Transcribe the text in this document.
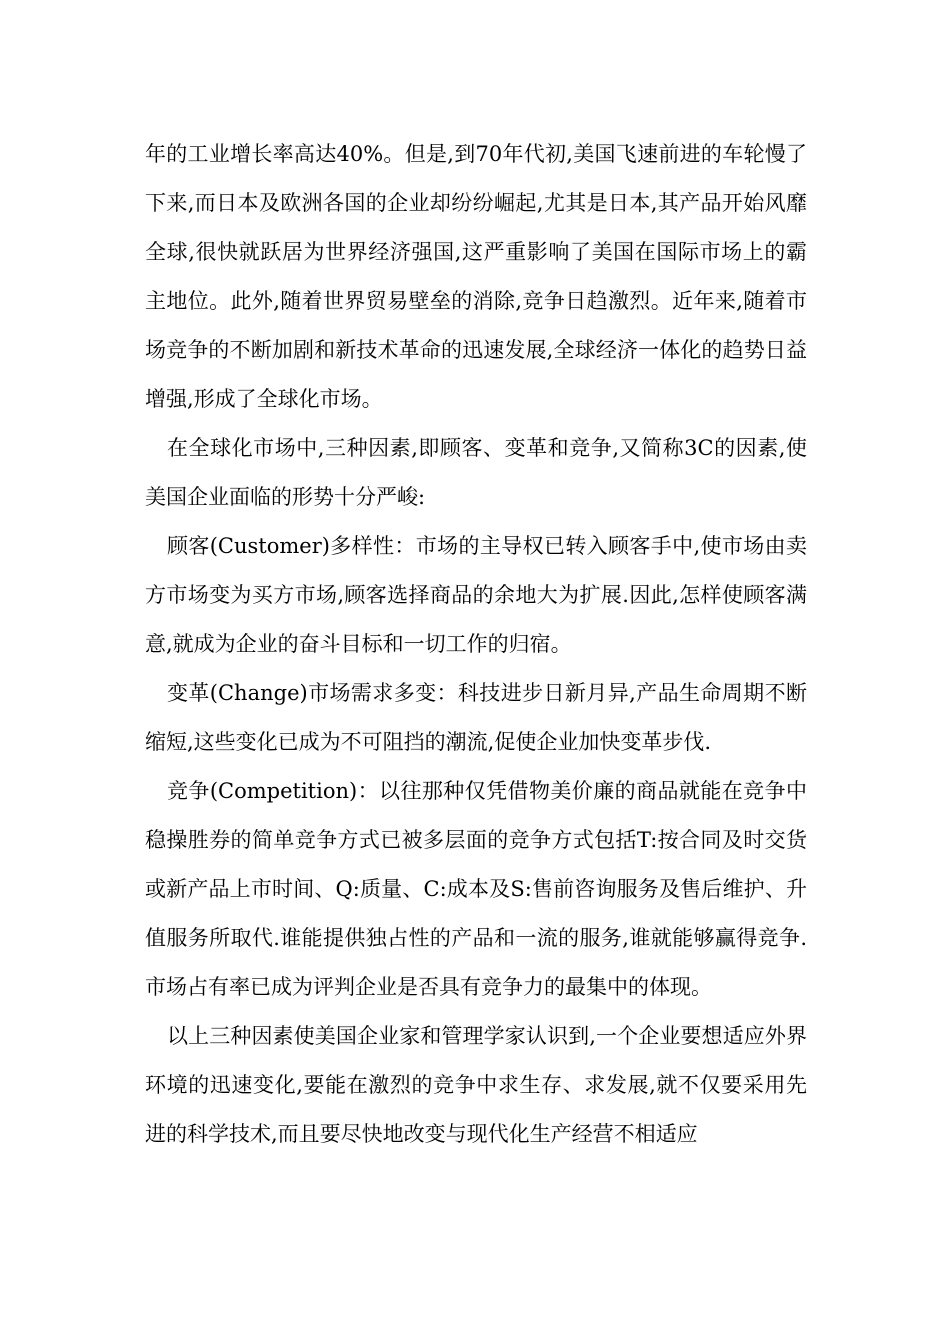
年的工业增长率高达40%。但是,到70年代初,美国飞速前进的车轮慢了下来,而日本及欧洲各国的企业却纷纷崛起,尤其是日本,其产品开始风靡全球,很快就跃居为世界经济强国,这严重影响了美国在国际市场上的霸主地位。此外,随着世界贸易壁垒的消除,竞争日趋激烈。近年来,随着市场竞争的不断加剧和新技术革命的迅速发展,全球经济一体化的趋势日益增强,形成了全球化市场。

在全球化市场中,三种因素,即顾客、变革和竞争,又简称3C的因素,使美国企业面临的形势十分严峻:

顾客(Customer)多样性：市场的主导权已转入顾客手中,使市场由卖方市场变为买方市场,顾客选择商品的余地大为扩展.因此,怎样使顾客满意,就成为企业的奋斗目标和一切工作的归宿。

变革(Change)市场需求多变：科技进步日新月异,产品生命周期不断缩短,这些变化已成为不可阻挡的潮流,促使企业加快变革步伐.

竞争(Competition)：以往那种仅凭借物美价廉的商品就能在竞争中稳操胜券的简单竞争方式已被多层面的竞争方式包括T:按合同及时交货或新产品上市时间、Q:质量、C:成本及S:售前咨询服务及售后维护、升值服务所取代.谁能提供独占性的产品和一流的服务,谁就能够赢得竞争.市场占有率已成为评判企业是否具有竞争力的最集中的体现。

以上三种因素使美国企业家和管理学家认识到,一个企业要想适应外界环境的迅速变化,要能在激烈的竞争中求生存、求发展,就不仅要采用先进的科学技术,而且要尽快地改变与现代化生产经营不相适应
